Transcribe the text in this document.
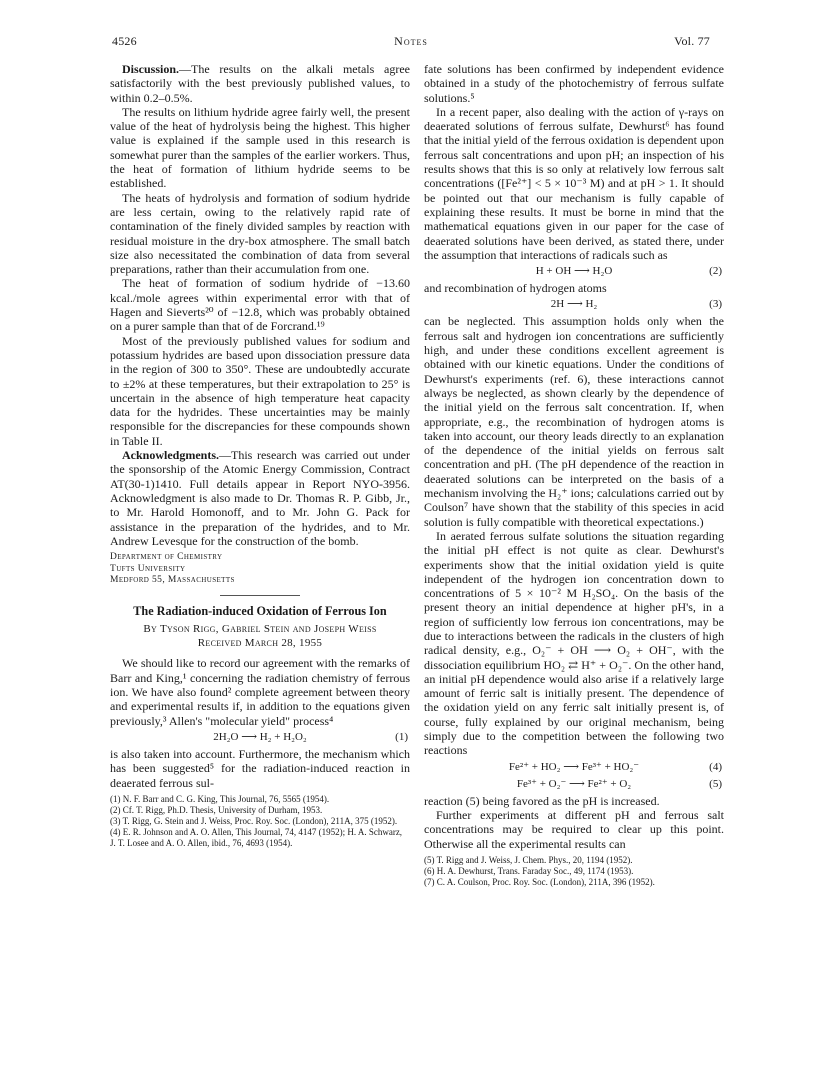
4526	Notes	Vol. 77

Discussion.—The results on the alkali metals agree satisfactorily with the best previously published values, to within 0.2–0.5%.

The results on lithium hydride agree fairly well, the present value of the heat of hydrolysis being the highest. This higher value is explained if the sample used in this research is somewhat purer than the samples of the earlier workers. Thus, the heat of formation of lithium hydride seems to be established.

The heats of hydrolysis and formation of sodium hydride are less certain, owing to the relatively rapid rate of contamination of the finely divided samples by reaction with residual moisture in the dry-box atmosphere. The small batch size also necessitated the combination of data from several preparations, rather than their accumulation from one.

The heat of formation of sodium hydride of −13.60 kcal./mole agrees within experimental error with that of Hagen and Sieverts²⁰ of −12.8, which was probably obtained on a purer sample than that of de Forcrand.¹⁹

Most of the previously published values for sodium and potassium hydrides are based upon dissociation pressure data in the region of 300 to 350°. These are undoubtedly accurate to ±2% at these temperatures, but their extrapolation to 25° is uncertain in the absence of high temperature heat capacity data for the hydrides. These uncertainties may be mainly responsible for the discrepancies for these compounds shown in Table II.

Acknowledgments.—This research was carried out under the sponsorship of the Atomic Energy Commission, Contract AT(30-1)1410. Full details appear in Report NYO-3956. Acknowledgment is also made to Dr. Thomas R. P. Gibb, Jr., to Mr. Harold Homonoff, and to Mr. John G. Pack for assistance in the preparation of the hydrides, and to Mr. Andrew Levesque for the construction of the bomb.

Department of Chemistry

Tufts University

Medford 55, Massachusetts

The Radiation-induced Oxidation of Ferrous Ion

By Tyson Rigg, Gabriel Stein and Joseph Weiss

Received March 28, 1955

We should like to record our agreement with the remarks of Barr and King,¹ concerning the radiation chemistry of ferrous ion. We have also found² complete agreement between theory and experimental results if, in addition to the equations given previously,³ Allen's "molecular yield" process⁴

2H₂O ⟶ H₂ + H₂O₂	(1)

is also taken into account. Furthermore, the mechanism which has been suggested⁵ for the radiation-induced reaction in deaerated ferrous sul-

(1) N. F. Barr and C. G. King, This Journal, 76, 5565 (1954).

(2) Cf. T. Rigg, Ph.D. Thesis, University of Durham, 1953.

(3) T. Rigg, G. Stein and J. Weiss, Proc. Roy. Soc. (London), 211A, 375 (1952).

(4) E. R. Johnson and A. O. Allen, This Journal, 74, 4147 (1952); H. A. Schwarz, J. T. Losee and A. O. Allen, ibid., 76, 4693 (1954).

fate solutions has been confirmed by independent evidence obtained in a study of the photochemistry of ferrous sulfate solutions.⁵

In a recent paper, also dealing with the action of γ-rays on deaerated solutions of ferrous sulfate, Dewhurst⁶ has found that the initial yield of the ferrous oxidation is dependent upon ferrous salt concentrations and upon pH; an inspection of his results shows that this is so only at relatively low ferrous salt concentrations ([Fe²⁺] < 5 × 10⁻³ M) and at pH > 1. It should be pointed out that our mechanism is fully capable of explaining these results. It must be borne in mind that the mathematical equations given in our paper for the case of deaerated solutions have been derived, as stated there, under the assumption that interactions of radicals such as

H + OH ⟶ H₂O	(2)

and recombination of hydrogen atoms

2H ⟶ H₂	(3)

can be neglected. This assumption holds only when the ferrous salt and hydrogen ion concentrations are sufficiently high, and under these conditions excellent agreement is obtained with our kinetic equations. Under the conditions of Dewhurst's experiments (ref. 6), these interactions cannot always be neglected, as shown clearly by the dependence of the initial yield on the ferrous salt concentration. If, when appropriate, e.g., the recombination of hydrogen atoms is taken into account, our theory leads directly to an explanation of the dependence of the initial yields on ferrous salt concentration and pH. (The pH dependence of the reaction in deaerated solutions can be interpreted on the basis of a mechanism involving the H₂⁺ ions; calculations carried out by Coulson⁷ have shown that the stability of this species in acid solution is fully compatible with theoretical expectations.)

In aerated ferrous sulfate solutions the situation regarding the initial pH effect is not quite as clear. Dewhurst's experiments show that the initial oxidation yield is quite independent of the hydrogen ion concentration down to concentrations of 5 × 10⁻² M H₂SO₄. On the basis of the present theory an initial dependence at higher pH's, in a region of sufficiently low ferrous ion concentrations, may be due to interactions between the radicals in the clusters of high radical density, e.g., O₂⁻ + OH ⟶ O₂ + OH⁻, with the dissociation equilibrium HO₂ ⇄ H⁺ + O₂⁻. On the other hand, an initial pH dependence would also arise if a relatively large amount of ferric salt is initially present. The dependence of the oxidation yield on any ferric salt initially present is, of course, fully explained by our original mechanism, being simply due to the competition between the following two reactions

Fe²⁺ + HO₂ ⟶ Fe³⁺ + HO₂⁻	(4)
Fe³⁺ + O₂⁻ ⟶ Fe²⁺ + O₂	(5)

reaction (5) being favored as the pH is increased.

Further experiments at different pH and ferrous salt concentrations may be required to clear up this point. Otherwise all the experimental results can

(5) T. Rigg and J. Weiss, J. Chem. Phys., 20, 1194 (1952).

(6) H. A. Dewhurst, Trans. Faraday Soc., 49, 1174 (1953).

(7) C. A. Coulson, Proc. Roy. Soc. (London), 211A, 396 (1952).
